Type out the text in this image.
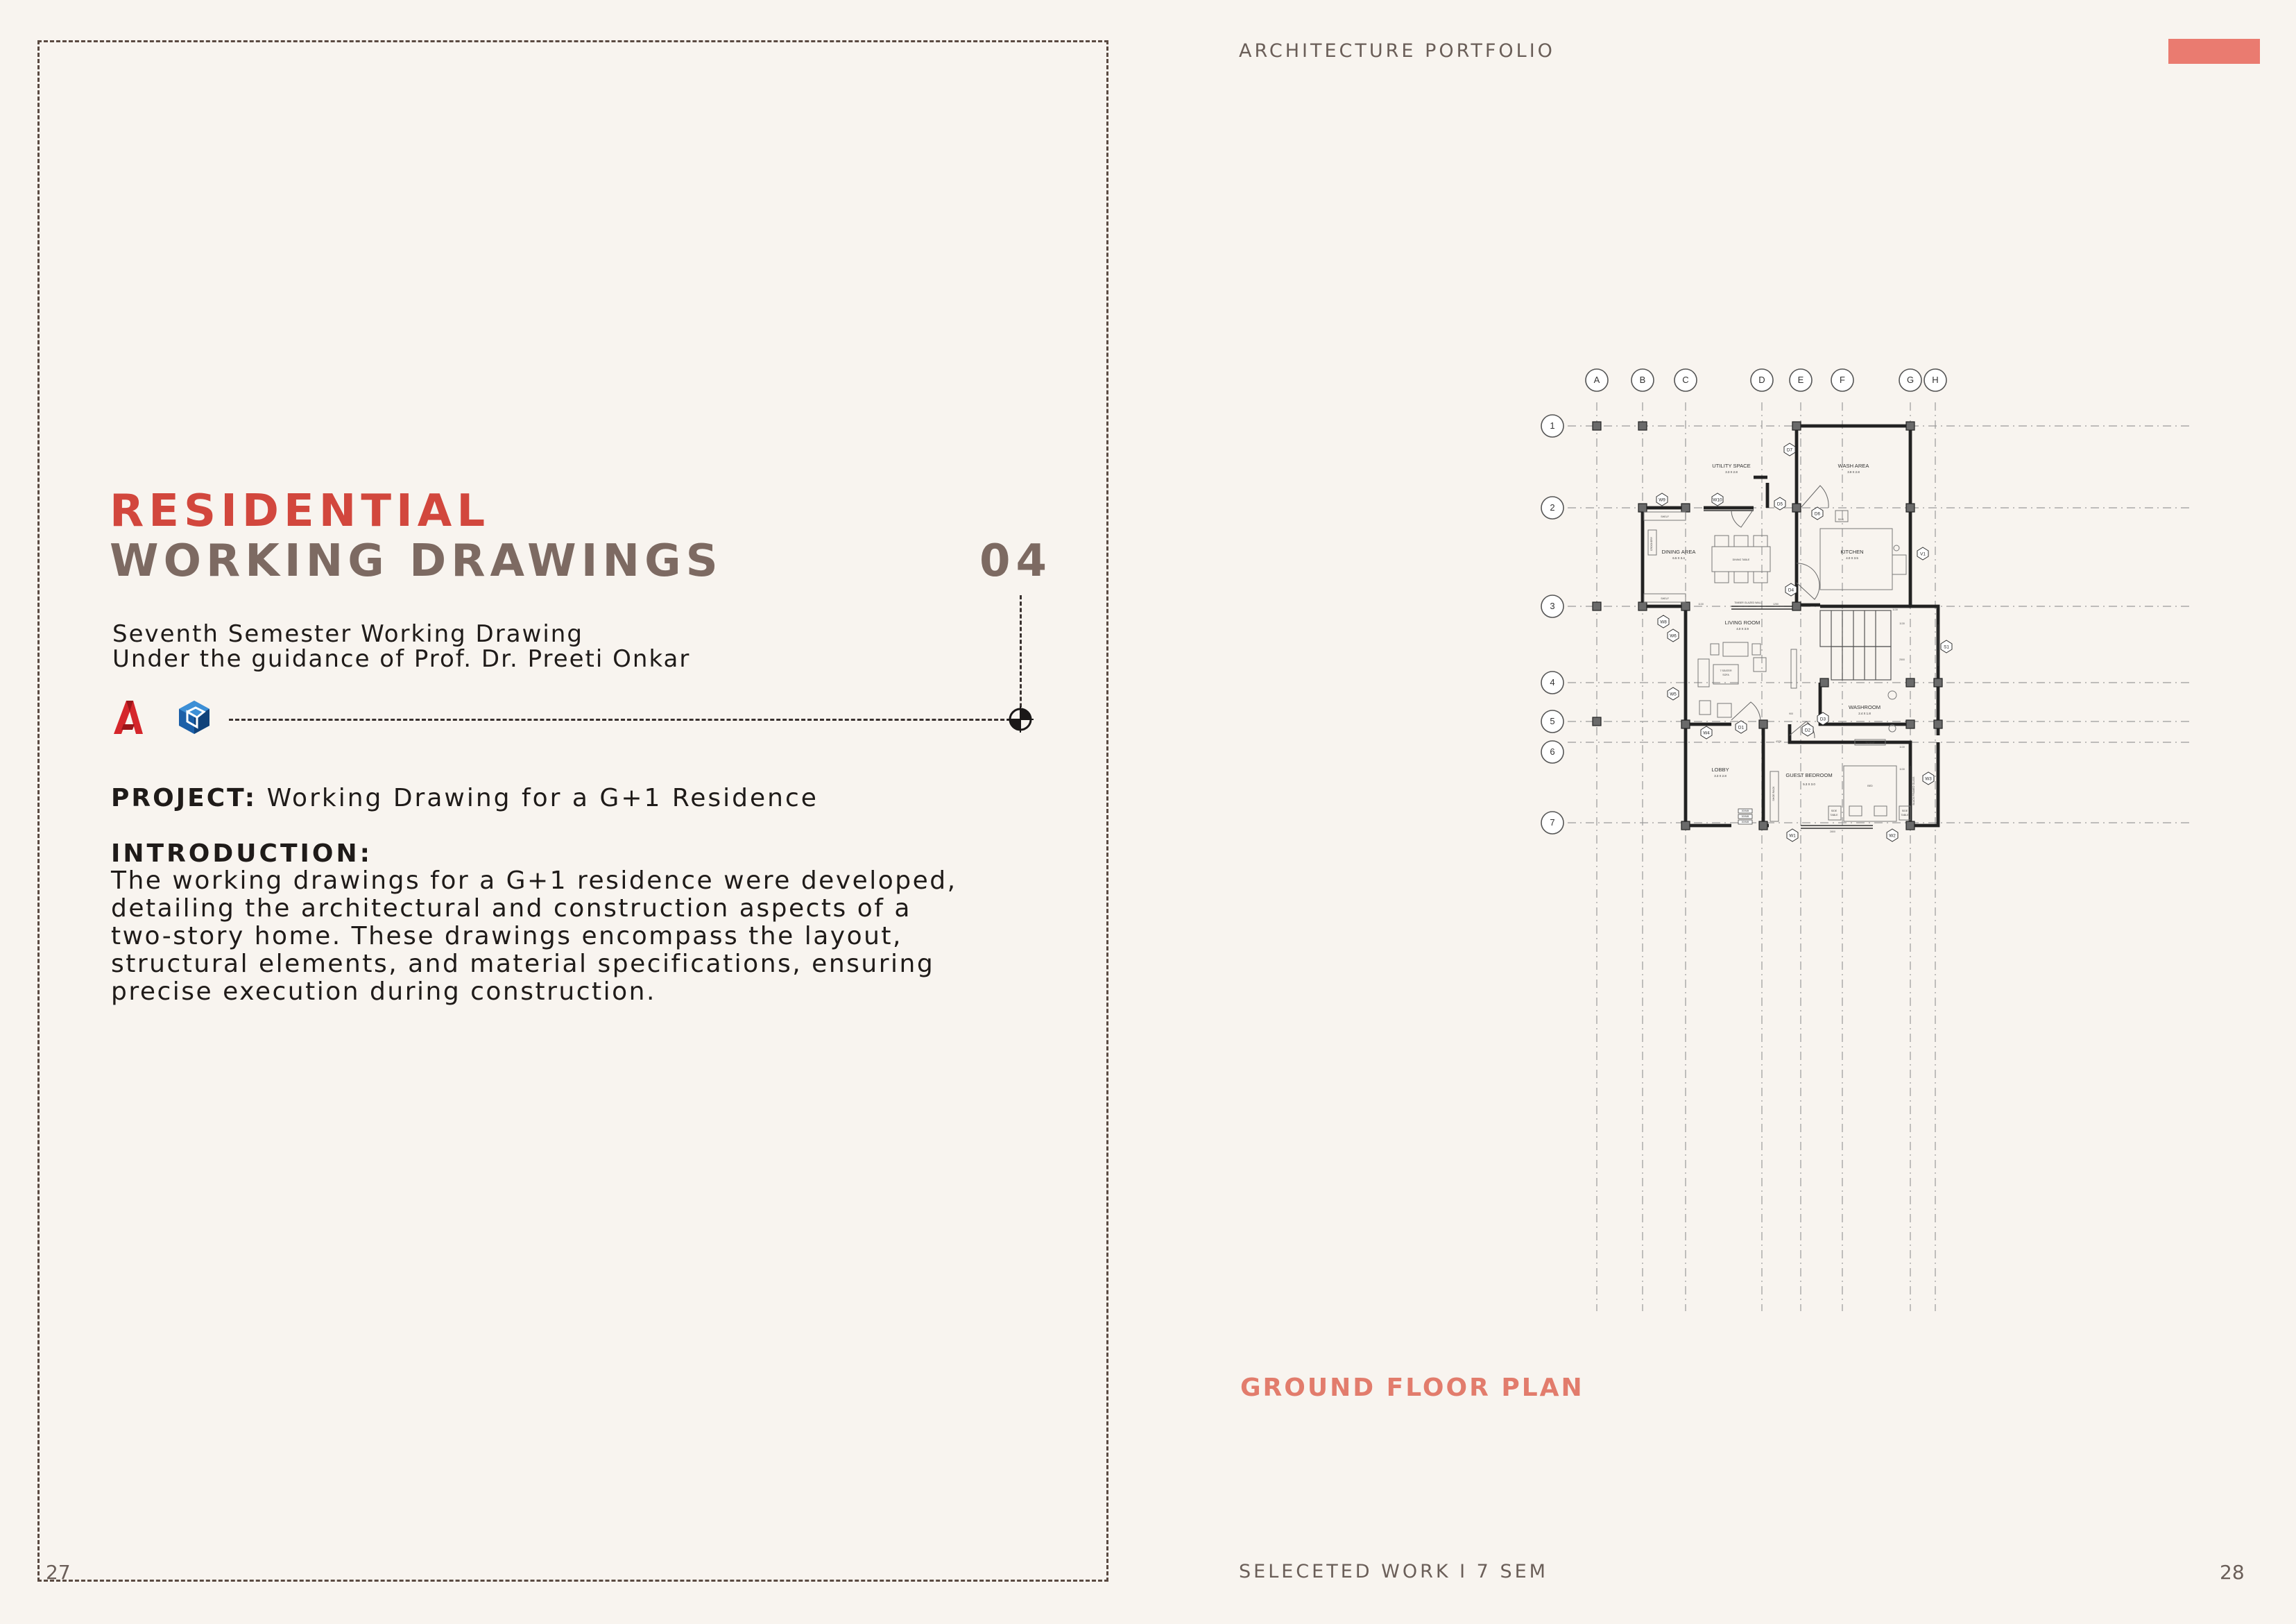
RESIDENTIAL
WORKING DRAWINGS	04
Seventh Semester Working Drawing
Under the guidance of Prof. Dr. Preeti Onkar
PROJECT: Working Drawing for a G+1 Residence
INTRODUCTION:
The working drawings for a G+1 residence were developed,
detailing the architectural and construction aspects of a
two-story home. These drawings encompass the layout,
structural elements, and material specifications, ensuring
precise execution during construction.
27
ARCHITECTURE PORTFOLIO
A	B	C	D	E	F	G	H
1
2
3
4
5
6
7
UTILITY SPACE
3.3 X 2.8
WASH AREA
3.9 X 2.8
DINING AREA
6.5 X 3.4
KITCHEN
4.0 X 3.5
LIVING ROOM
4.0 X 3.9
WASHROOM
2.4 X 1.8
LOBBY
3.3 X 2.8	GUEST BEDROOM
5.3 X 3.0
SHELF
SHELF
CROCKERY
DINING TABLE
SINK
TIMBER GLAZED WALL
7 SEATER
SOFA
TV UNIT
BED
SIDE
TABLE
SIDE
TABLE
BLACK FRAMED GLASS
SHOE RACK
1130	1250
1130
1130
4378
1130
2800
2500
900
1130
300MM
300MM
300MM
W9	W10
D7
D5
D6
V1
D4
W8
W6
S1
W5
D3
W4
D1
D2
W3
W1	W2
GROUND FLOOR PLAN
SELECETED WORK I 7 SEM	28
